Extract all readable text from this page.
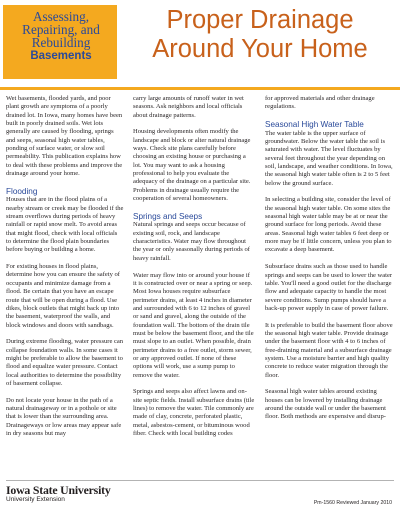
Assessing,
Repairing, and
Rebuilding
Basements
Proper Drainage
Around Your Home

Wet basements, flooded yards, and poor plant growth are symptoms of a poorly drained lot. In Iowa, many homes have been built in poorly drained soils. Wet lots generally are caused by flooding, springs and seeps, seasonal high water tables, ponding of surface water, or slow soil permeability. This publication explains how to deal with these problems and improve the drainage around your home.

Flooding

Houses that are in the flood plains of a nearby stream or creek may be flooded if the stream overflows during periods of heavy rainfall or rapid snow melt. To avoid areas that might flood, check with local officials to determine the flood plain boundaries before buying or building a home.

For existing houses in flood plains, determine how you can ensure the safety of occupants and minimize damage from a flood. Be certain that you have an escape route that will be open during a flood. Use dikes, block outlets that might back up into the basement, waterproof the walls, and block windows and doors with sandbags.

During extreme flooding, water pressure can collapse foundation walls. In some cases it might be preferable to allow the basement to flood and equalize water pressure. Contact local authorities to determine the possibility of basement collapse.

Do not locate your house in the path of a natural drainageway or in a pothole or site that is lower than the surrounding area. Drainageways or low areas may appear safe in dry seasons but may

carry large amounts of runoff water in wet seasons. Ask neighbors and local officials about drainage patterns.

Housing developments often modify the landscape and block or alter natural drainage ways. Check site plans carefully before choosing an existing house or purchasing a lot. You may want to ask a housing professional to help you evaluate the adequacy of the drainage on a particular site. Problems in drainage usually require the cooperation of several homeowners.

Springs and Seeps

Natural springs and seeps occur because of existing soil, rock, and landscape characteristics. Water may flow throughout the year or only seasonally during periods of heavy rainfall.

Water may flow into or around your house if it is constructed over or near a spring or seep. Most Iowa houses require subsurface perimeter drains, at least 4 inches in diameter and surrounded with 6 to 12 inches of gravel or sand and gravel, along the outside of the foundation wall. The bottom of the drain tile must be below the basement floor, and the tile must slope to an outlet. When possible, drain perimeter drains to a free outlet, storm sewer, or any approved outlet. If none of these options will work, use a sump pump to remove the water.

Springs and seeps also affect lawns and on-site septic fields. Install subsurface drains (tile lines) to remove the water. Tile commonly are made of clay, concrete, perforated plastic, metal, asbestos-cement, or bituminous wood fiber. Check with local building codes

for approved materials and other drainage regulations.

Seasonal High Water Table

The water table is the upper surface of groundwater. Below the water table the soil is saturated with water. The level fluctuates by several feet throughout the year depending on soil, landscape, and weather conditions. In Iowa, the seasonal high water table often is 2 to 5 feet below the ground surface.

In selecting a building site, consider the level of the seasonal high water table. On some sites the seasonal high water table may be at or near the ground surface for long periods. Avoid these areas. Seasonal high water tables 6 feet deep or more may be if little concern, unless you plan to excavate a deep basement.

Subsurface drains such as those used to handle springs and seeps can be used to lower the water table. You'll need a good outlet for the discharge flow and adequate capacity to handle the most severe conditions. Sump pumps should have a back-up power supply in case of power failure.

It is preferable to build the basement floor above the seasonal high water table. Provide drainage under the basement floor with 4 to 6 inches of free-draining material and a subsurface drainage system. Use a moisture barrier and high quality concrete to reduce water migration through the floor.

Seasonal high water tables around existing houses can be lowered by installing drainage around the outside wall or under the basement floor. Both methods are expensive and disrup-

Iowa State University
University Extension	Pm-1560 Reviewed January 2010
